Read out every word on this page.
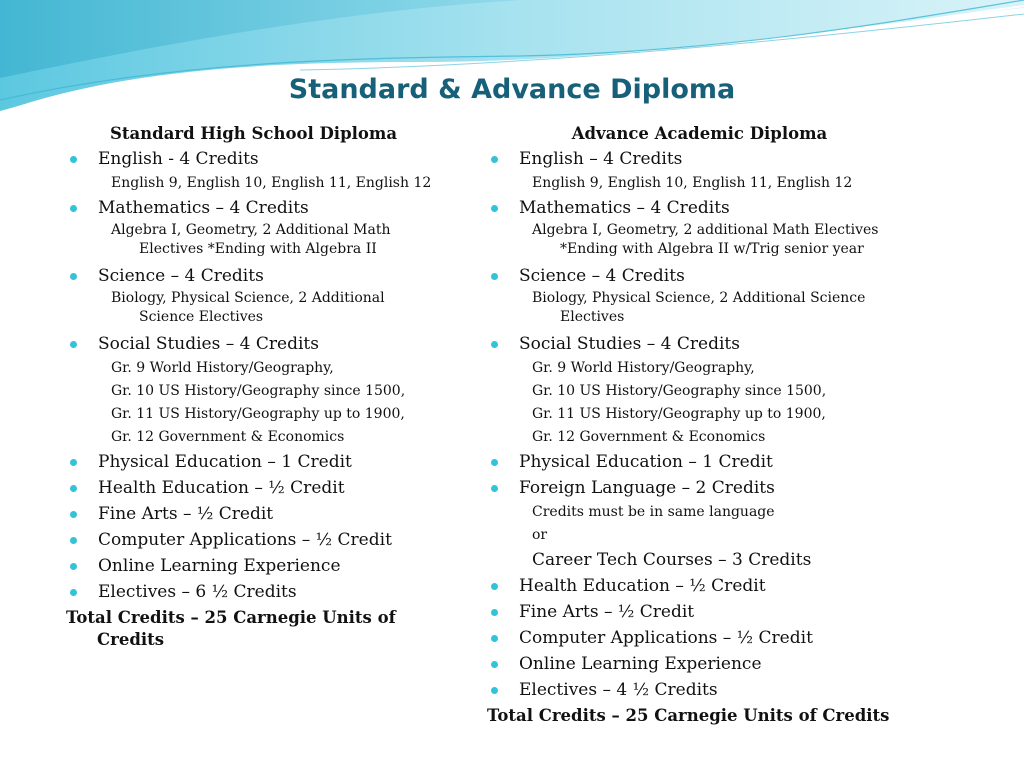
Standard & Advance Diploma
Standard High School Diploma
English - 4 Credits
English 9, English 10, English 11, English 12
Mathematics – 4 Credits
Algebra I, Geometry, 2 Additional Math
Electives *Ending with Algebra II
Science – 4 Credits
Biology, Physical Science, 2 Additional
Science Electives
Social Studies – 4 Credits
Gr. 9 World History/Geography,
Gr. 10 US History/Geography since 1500,
Gr. 11 US History/Geography up to 1900,
Gr. 12 Government & Economics
Physical Education – 1 Credit
Health Education – ½ Credit
Fine Arts – ½ Credit
Computer Applications – ½ Credit
Online Learning Experience
Electives – 6 ½ Credits
Total Credits – 25 Carnegie Units of
Credits
Advance Academic Diploma
English – 4 Credits
English 9, English 10, English 11, English 12
Mathematics – 4 Credits
Algebra I, Geometry, 2 additional Math Electives
*Ending with Algebra II w/Trig senior year
Science – 4 Credits
Biology, Physical Science, 2 Additional Science
Electives
Social Studies – 4 Credits
Gr. 9 World History/Geography,
Gr. 10 US History/Geography since 1500,
Gr. 11 US History/Geography up to 1900,
Gr. 12 Government & Economics
Physical Education – 1 Credit
Foreign Language – 2 Credits
Credits must be in same language
or
Career Tech Courses – 3 Credits
Health Education – ½ Credit
Fine Arts – ½ Credit
Computer Applications – ½ Credit
Online Learning Experience
Electives – 4 ½ Credits
Total Credits – 25 Carnegie Units of Credits
